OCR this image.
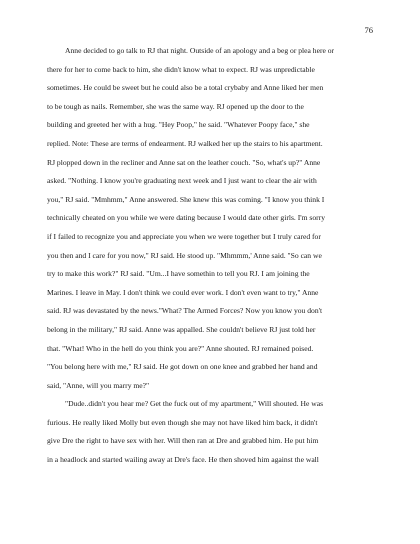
76
Anne decided to go talk to RJ that night. Outside of an apology and a beg or plea here or
there for her to come back to him, she didn't know what to expect. RJ was unpredictable
sometimes. He could be sweet but he could also be a total crybaby and Anne liked her men
to be tough as nails. Remember, she was the same way. RJ opened up the door to the
building and greeted her with a hug. "Hey Poop," he said. "Whatever Poopy face," she
replied. Note: These are terms of endearment. RJ walked her up the stairs to his apartment.
RJ plopped down in the recliner and Anne sat on the leather couch. "So, what's up?" Anne
asked. "Nothing. I know you're graduating next week and I just want to clear the air with
you," RJ said. "Mmhmm," Anne answered. She knew this was coming. "I know you think I
technically cheated on you while we were dating because I would date other girls. I'm sorry
if I failed to recognize you and appreciate you when we were together but I truly cared for
you then and I care for you now," RJ said. He stood up. "Mhmmm,' Anne said. "So can we
try to make this work?" RJ said. "Um...I have somethin to tell you RJ. I am joining the
Marines. I leave in May. I don't think we could ever work. I don't even want to try," Anne
said. RJ was devastated by the news."What? The Armed Forces? Now you know you don't
belong in the military," RJ said. Anne was appalled. She couldn't believe RJ just told her
that. "What! Who in the hell do you think you are?" Anne shouted. RJ remained poised.
"You belong here with me," RJ said. He got down on one knee and grabbed her hand and
said, "Anne, will you marry me?"
"Dude..didn't you hear me? Get the fuck out of my apartment," Will shouted. He was
furious. He really liked Molly but even though she may not have liked him back, it didn't
give Dre the right to have sex with her. Will then ran at Dre and grabbed him. He put him
in a headlock and started wailing away at Dre's face. He then shoved him against the wall
